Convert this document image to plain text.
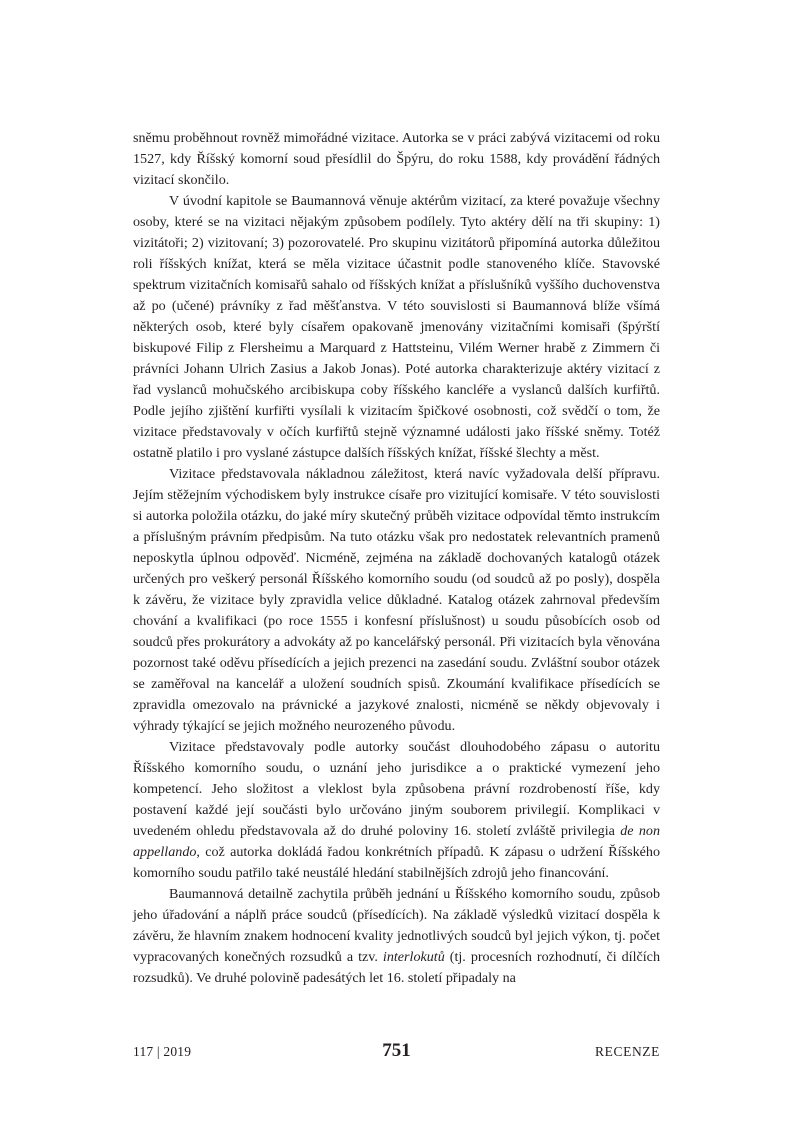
sněmu proběhnout rovněž mimořádné vizitace. Autorka se v práci zabývá vizitacemi od roku 1527, kdy Říšský komorní soud přesídlil do Špýru, do roku 1588, kdy provádění řádných vizitací skončilo.

V úvodní kapitole se Baumannová věnuje aktérům vizitací, za které považuje všechny osoby, které se na vizitaci nějakým způsobem podílely. Tyto aktéry dělí na tři skupiny: 1) vizitátoři; 2) vizitovaní; 3) pozorovatelé. Pro skupinu vizitátorů připomíná autorka důležitou roli říšských knížat, která se měla vizitace účastnit podle stanoveného klíče. Stavovské spektrum vizitačních komisařů sahalo od říšských knížat a příslušníků vyššího duchovenstva až po (učené) právníky z řad měšťanstva. V této souvislosti si Baumannová blíže všímá některých osob, které byly císařem opakovaně jmenovány vizitačními komisaři (špýrští biskupové Filip z Flersheimu a Marquard z Hattsteinu, Vilém Werner hrabě z Zimmern či právníci Johann Ulrich Zasius a Jakob Jonas). Poté autorka charakterizuje aktéry vizitací z řad vyslanců mohučského arcibiskupa coby říšského kancléře a vyslanců dalších kurfiřtů. Podle jejího zjištění kurfiřti vysílali k vizitacím špičkové osobnosti, což svědčí o tom, že vizitace představovaly v očích kurfiřtů stejně významné události jako říšské sněmy. Totéž ostatně platilo i pro vyslané zástupce dalších říšských knížat, říšské šlechty a měst.

Vizitace představovala nákladnou záležitost, která navíc vyžadovala delší přípravu. Jejím stěžejním východiskem byly instrukce císaře pro vizitující komisaře. V této souvislosti si autorka položila otázku, do jaké míry skutečný průběh vizitace odpovídal těmto instrukcím a příslušným právním předpisům. Na tuto otázku však pro nedostatek relevantních pramenů neposkytla úplnou odpověď. Nicméně, zejména na základě dochovaných katalogů otázek určených pro veškerý personál Říšského komorního soudu (od soudců až po posly), dospěla k závěru, že vizitace byly zpravidla velice důkladné. Katalog otázek zahrnoval především chování a kvalifikaci (po roce 1555 i konfesní příslušnost) u soudu působících osob od soudců přes prokurátory a advokáty až po kancelářský personál. Při vizitacích byla věnována pozornost také oděvu přísedících a jejich prezenci na zasedání soudu. Zvláštní soubor otázek se zaměřoval na kancelář a uložení soudních spisů. Zkoumání kvalifikace přísedících se zpravidla omezovalo na právnické a jazykové znalosti, nicméně se někdy objevovaly i výhrady týkající se jejich možného neurozeného původu.

Vizitace představovaly podle autorky součást dlouhodobého zápasu o autoritu Říšského komorního soudu, o uznání jeho jurisdikce a o praktické vymezení jeho kompetencí. Jeho složitost a vleklost byla způsobena právní rozdrobeností říše, kdy postavení každé její součásti bylo určováno jiným souborem privilegií. Komplikaci v uvedeném ohledu představovala až do druhé poloviny 16. století zvláště privilegia de non appellando, což autorka dokládá řadou konkrétních případů. K zápasu o udržení Říšského komorního soudu patřilo také neustálé hledání stabilnějších zdrojů jeho financování.

Baumannová detailně zachytila průběh jednání u Říšského komorního soudu, způsob jeho úřadování a náplň práce soudců (přísedících). Na základě výsledků vizitací dospěla k závěru, že hlavním znakem hodnocení kvality jednotlivých soudců byl jejich výkon, tj. počet vypracovaných konečných rozsudků a tzv. interlokutů (tj. procesních rozhodnutí, či dílčích rozsudků). Ve druhé polovině padesátých let 16. století připadaly na

117 | 2019	751	RECENZE
